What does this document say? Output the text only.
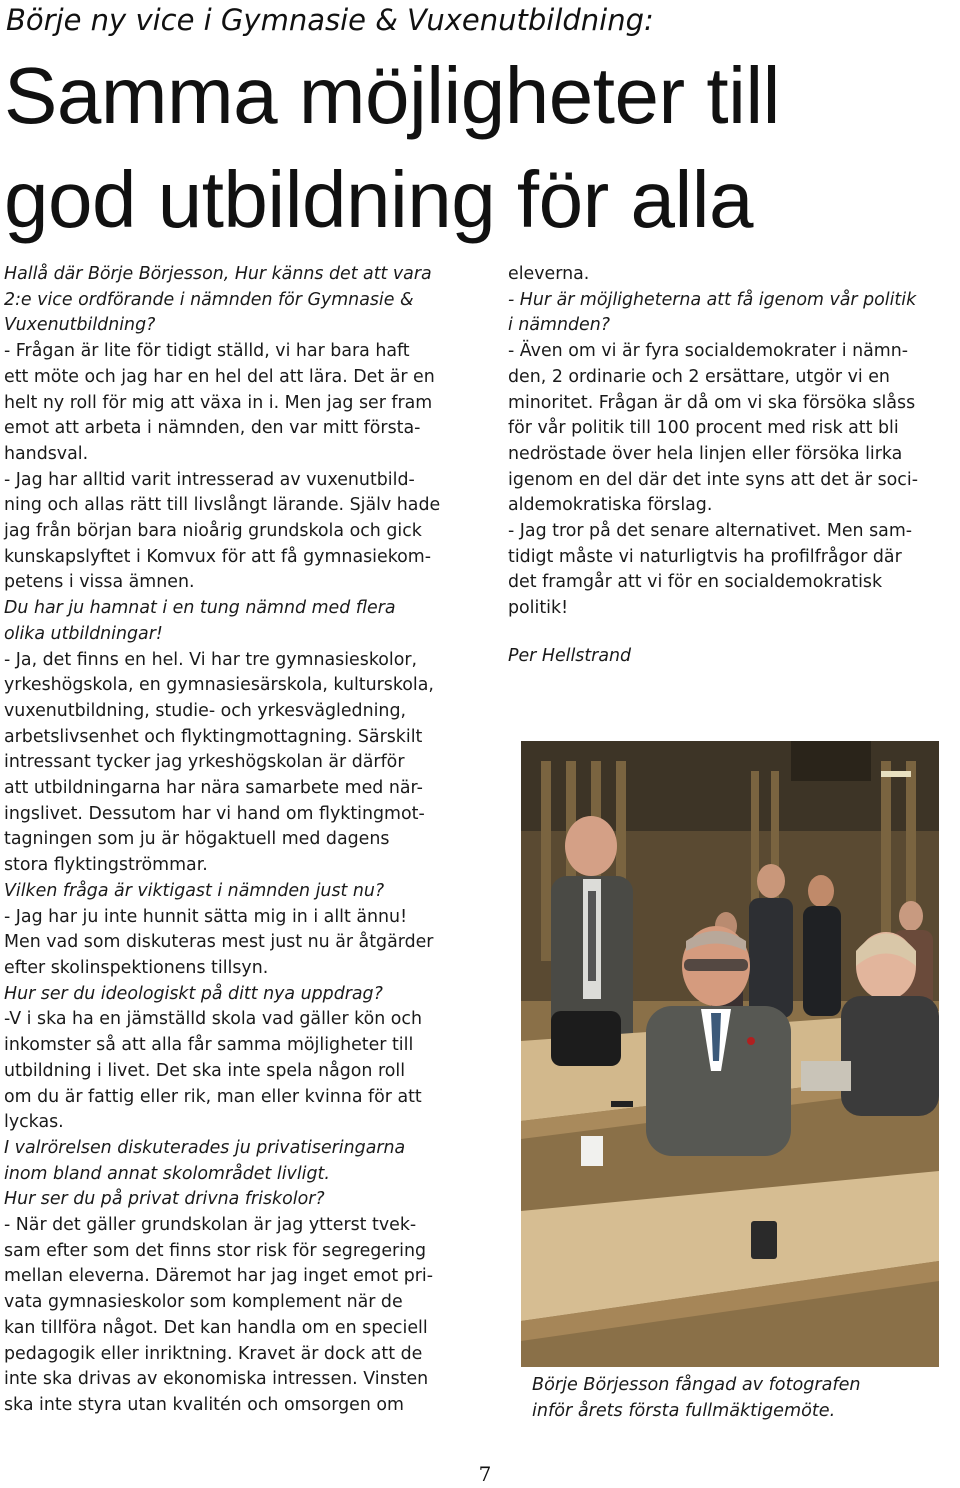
Börje ny vice i Gymnasie & Vuxenutbildning:
Samma möjligheter till
god utbildning för alla

Hallå där Börje Börjesson, Hur känns det att vara

2:e vice ordförande i nämnden för Gymnasie &

Vuxenutbildning?

- Frågan är lite för tidigt ställd, vi har bara haft

ett möte och jag har en hel del att lära. Det är en

helt ny roll för mig att växa in i. Men jag ser fram

emot att arbeta i nämnden, den var mitt första-

handsval.

- Jag har alltid varit intresserad av vuxenutbild-

ning och allas rätt till livslångt lärande. Själv hade

jag från början bara nioårig grundskola och gick

kunskapslyftet i Komvux för att få gymnasiekom-

petens i vissa ämnen.

Du har ju hamnat i en tung nämnd med flera

olika utbildningar!

- Ja, det finns en hel. Vi har tre gymnasieskolor,

yrkeshögskola, en gymnasiesärskola, kulturskola,

vuxenutbildning, studie- och yrkesvägledning,

arbetslivsenhet och flyktingmottagning. Särskilt

intressant tycker jag yrkeshögskolan är därför

att utbildningarna har nära samarbete med när-

ingslivet. Dessutom har vi hand om flyktingmot-

tagningen som ju är högaktuell med dagens

stora flyktingströmmar.

Vilken fråga är viktigast i nämnden just nu?

- Jag har ju inte hunnit sätta mig in i allt ännu!

Men vad som diskuteras mest just nu är åtgärder

efter skolinspektionens tillsyn.

Hur ser du ideologiskt på ditt nya uppdrag?

-V i ska ha en jämställd skola vad gäller kön och

inkomster så att alla får samma möjligheter till

utbildning i livet. Det ska inte spela någon roll

om du är fattig eller rik, man eller kvinna för att

lyckas.

I valrörelsen diskuterades ju privatiseringarna

inom bland annat skolområdet livligt.

Hur ser du på privat drivna friskolor?

- När det gäller grundskolan är jag ytterst tvek-

sam efter som det finns stor risk för segregering

mellan eleverna. Däremot har jag inget emot pri-

vata gymnasieskolor som komplement när de

kan tillföra något. Det kan handla om en speciell

pedagogik eller inriktning. Kravet är dock att de

inte ska drivas av ekonomiska intressen. Vinsten

ska inte styra utan kvalitén och omsorgen om

eleverna.

- Hur är möjligheterna att få igenom vår politik

i nämnden?

- Även om vi är fyra socialdemokrater i nämn-

den, 2 ordinarie och 2 ersättare, utgör vi en

minoritet. Frågan är då om vi ska försöka slåss

för vår politik till 100 procent med risk att bli

nedröstade över hela linjen eller försöka lirka

igenom en del där det inte syns att det är soci-

aldemokratiska förslag.

- Jag tror på det senare alternativet. Men sam-

tidigt måste vi naturligtvis ha profilfrågor där

det framgår att vi för en socialdemokratisk

politik!

Per Hellstrand

Börje Börjesson fångad av fotografen
inför årets första fullmäktigemöte.
7
